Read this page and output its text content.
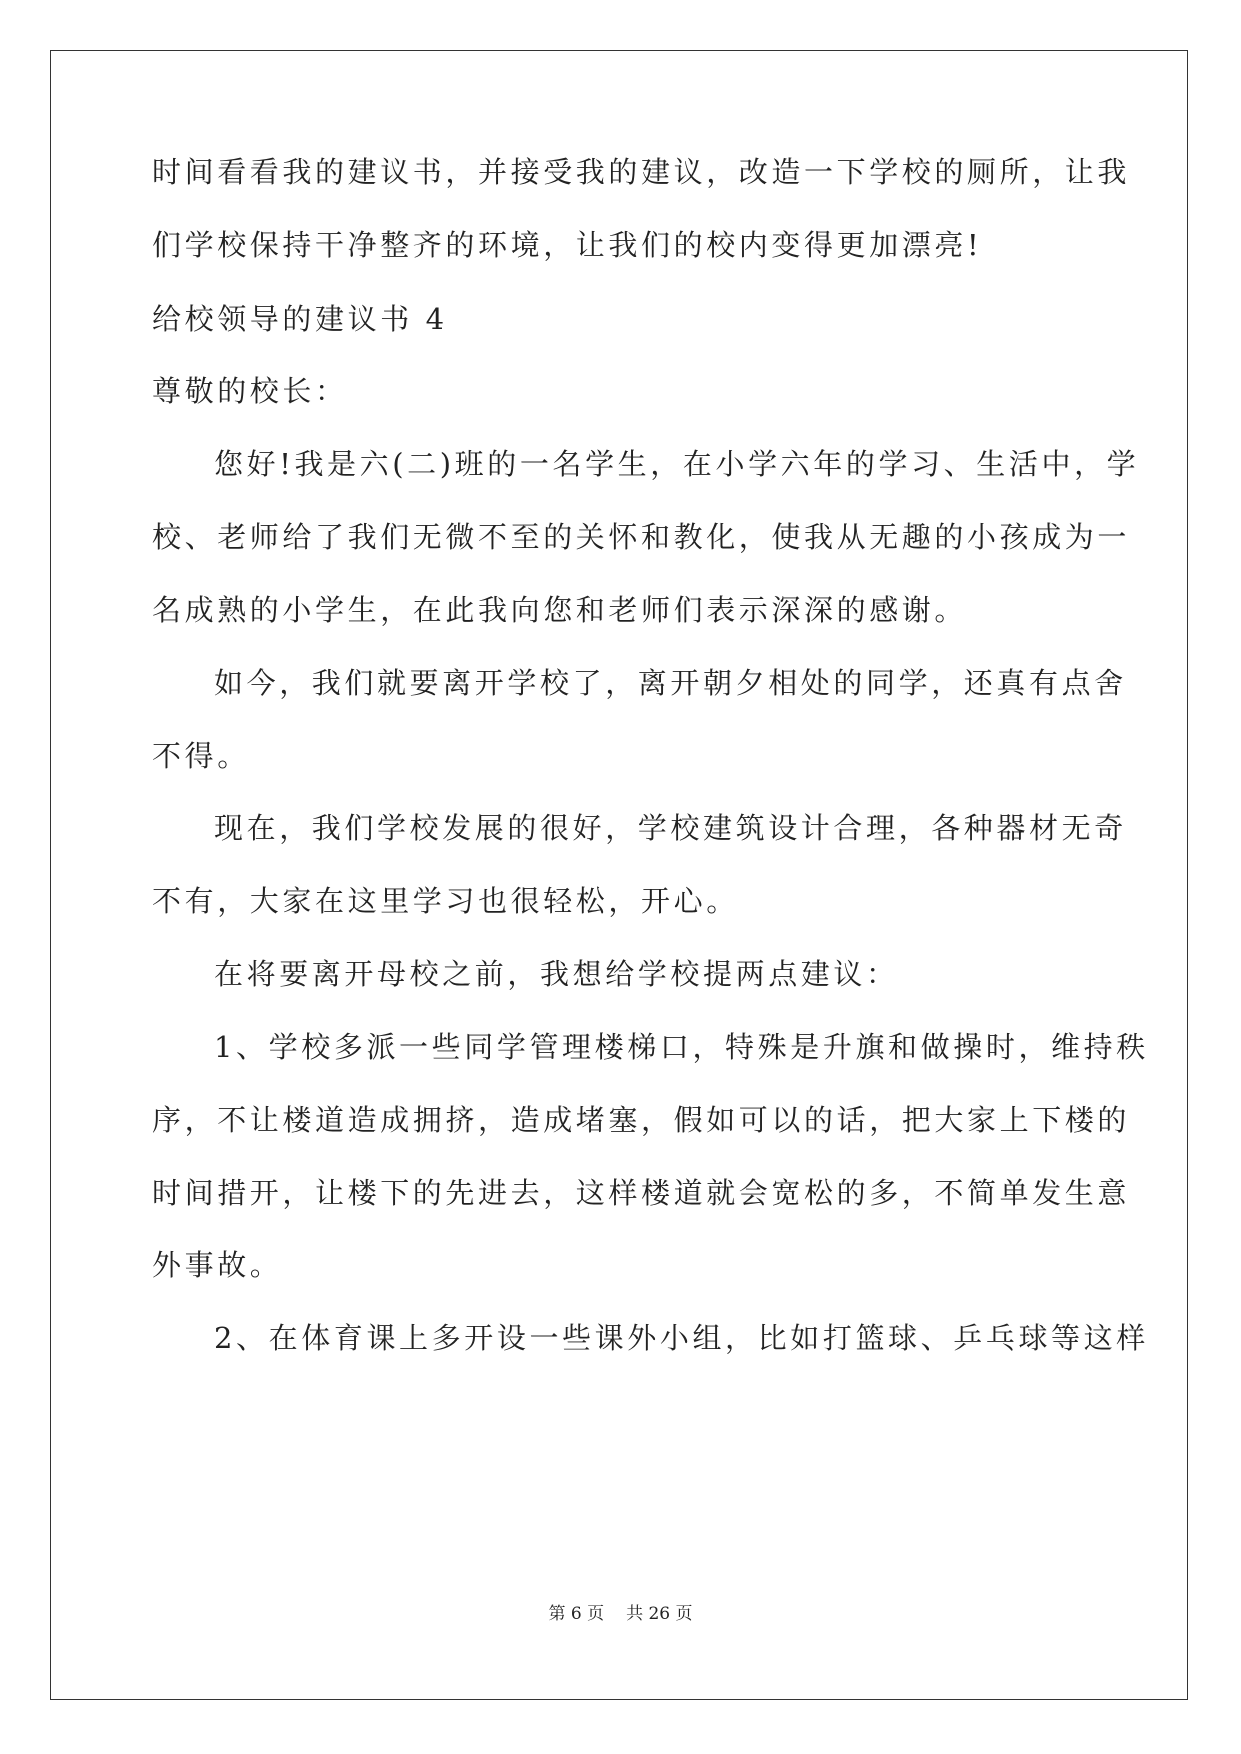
时间看看我的建议书，并接受我的建议，改造一下学校的厕所，让我
们学校保持干净整齐的环境，让我们的校内变得更加漂亮!
给校领导的建议书 4
尊敬的校长：
您好!我是六(二)班的一名学生，在小学六年的学习、生活中，学
校、老师给了我们无微不至的关怀和教化，使我从无趣的小孩成为一
名成熟的小学生，在此我向您和老师们表示深深的感谢。
如今，我们就要离开学校了，离开朝夕相处的同学，还真有点舍
不得。
现在，我们学校发展的很好，学校建筑设计合理，各种器材无奇
不有，大家在这里学习也很轻松，开心。
在将要离开母校之前，我想给学校提两点建议：
1、学校多派一些同学管理楼梯口，特殊是升旗和做操时，维持秩
序，不让楼道造成拥挤，造成堵塞，假如可以的话，把大家上下楼的
时间措开，让楼下的先进去，这样楼道就会宽松的多，不简单发生意
外事故。
2、在体育课上多开设一些课外小组，比如打篮球、乒乓球等这样
第 6 页 共 26 页
